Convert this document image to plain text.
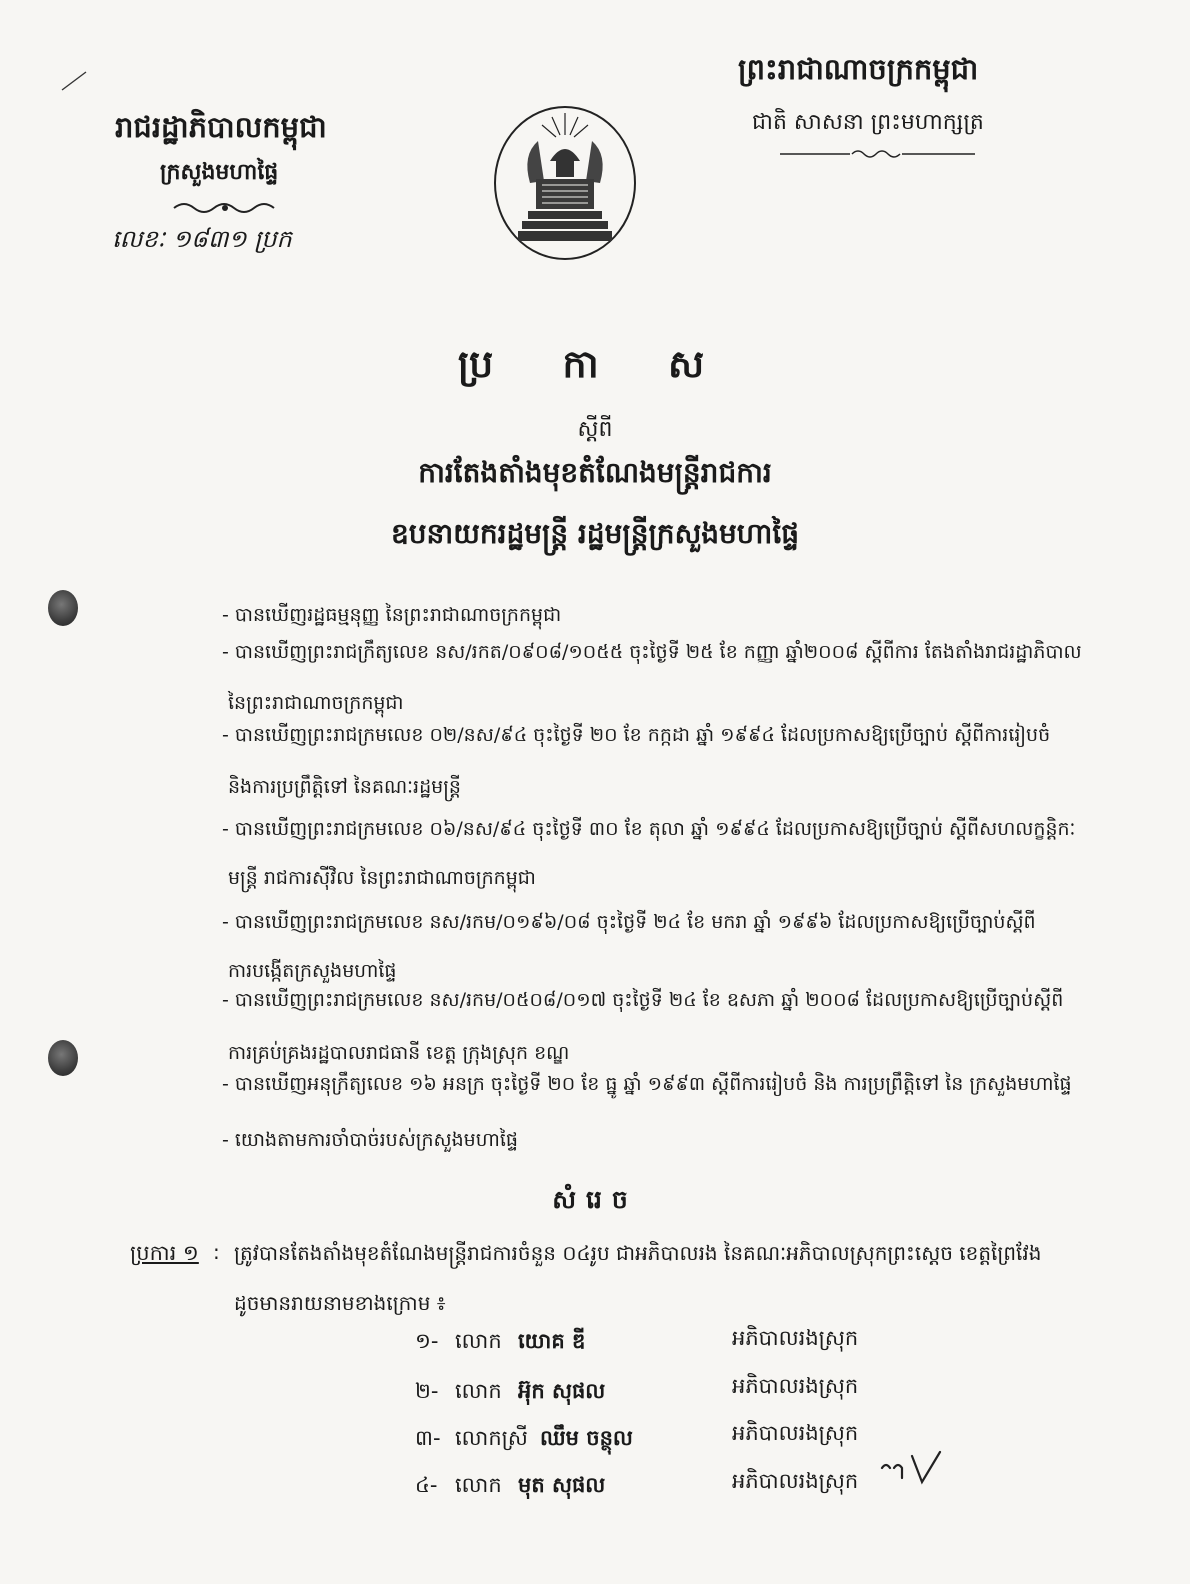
រាជរដ្ឋាភិបាលកម្ពុជា
ក្រសួងមហាផ្ទៃ
លេខៈ ១៨៣១ ប្រក
ព្រះរាជាណាចក្រកម្ពុជា
ជាតិ សាសនា ព្រះមហាក្សត្រ
ប្រ កា ស
ស្ដីពី
ការតែងតាំងមុខតំណែងមន្ត្រីរាជការ
ឧបនាយករដ្ឋមន្ត្រី រដ្ឋមន្ត្រីក្រសួងមហាផ្ទៃ
- បានឃើញរដ្ឋធម្មនុញ្ញ នៃព្រះរាជាណាចក្រកម្ពុជា
- បានឃើញព្រះរាជក្រឹត្យលេខ នស/រកត/០៩០៨/១០៥៥ ចុះថ្ងៃទី ២៥ ខែ កញ្ញា ឆ្នាំ២០០៨ ស្ដីពីការ តែងតាំងរាជរដ្ឋាភិបាល
នៃព្រះរាជាណាចក្រកម្ពុជា
- បានឃើញព្រះរាជក្រមលេខ ០២/នស/៩៤ ចុះថ្ងៃទី ២០ ខែ កក្កដា ឆ្នាំ ១៩៩៤ ដែលប្រកាសឱ្យប្រើច្បាប់ ស្ដីពីការរៀបចំ
និងការប្រព្រឹត្តិទៅ នៃគណៈរដ្ឋមន្ត្រី
- បានឃើញព្រះរាជក្រមលេខ ០៦/នស/៩៤ ចុះថ្ងៃទី ៣០ ខែ តុលា ឆ្នាំ ១៩៩៤ ដែលប្រកាសឱ្យប្រើច្បាប់ ស្ដីពីសហលក្ខន្តិកៈ
មន្ត្រី រាជការស៊ីវិល នៃព្រះរាជាណាចក្រកម្ពុជា
- បានឃើញព្រះរាជក្រមលេខ នស/រកម/០១៩៦/០៨ ចុះថ្ងៃទី ២៤ ខែ មករា ឆ្នាំ ១៩៩៦ ដែលប្រកាសឱ្យប្រើច្បាប់ស្ដីពី
ការបង្កើតក្រសួងមហាផ្ទៃ
- បានឃើញព្រះរាជក្រមលេខ នស/រកម/០៥០៨/០១៧ ចុះថ្ងៃទី ២៤ ខែ ឧសភា ឆ្នាំ ២០០៨ ដែលប្រកាសឱ្យប្រើច្បាប់ស្ដីពី
ការគ្រប់គ្រងរដ្ឋបាលរាជធានី ខេត្ត ក្រុងស្រុក ខណ្ឌ
- បានឃើញអនុក្រឹត្យលេខ ១៦ អនក្រ ចុះថ្ងៃទី ២០ ខែ ធ្នូ ឆ្នាំ ១៩៩៣ ស្ដីពីការរៀបចំ និង ការប្រព្រឹត្តិទៅ នៃ ក្រសួងមហាផ្ទៃ
- យោងតាមការចាំបាច់របស់ក្រសួងមហាផ្ទៃ
សំរេច
ប្រការ ១ : ត្រូវបានតែងតាំងមុខតំណែងមន្ត្រីរាជការចំនួន ០៤រូប ជាអភិបាលរង នៃគណៈអភិបាលស្រុកព្រះស្ដេច ខេត្តព្រៃវែង
ដូចមានរាយនាមខាងក្រោម ៖
១- លោក យោគ ឌី	អភិបាលរងស្រុក
២- លោក អ៊ុក សុផល	អភិបាលរងស្រុក
៣- លោកស្រី ឈឹម ចន្ថុល	អភិបាលរងស្រុក
៤- លោក មុត សុផល	អភិបាលរងស្រុក
